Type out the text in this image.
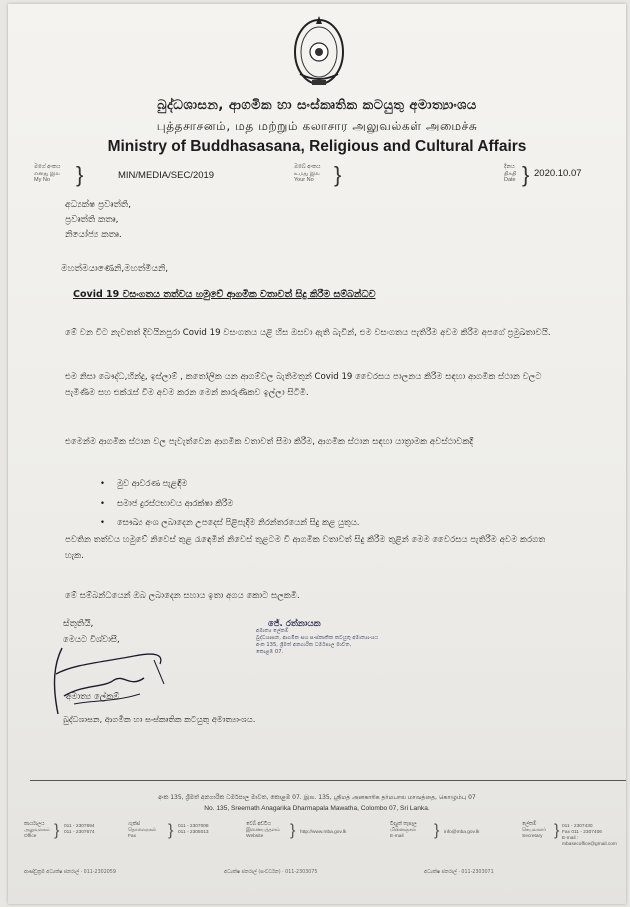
බුද්ධශාසන, ආගමික හා සංස්කෘතික කටයුතු අමාත්‍යාංශය
புத்தசாசனம், மத மற்றும் கலாசார அலுவல்கள் அமைச்சு
Ministry of Buddhasasana, Religious and Cultural Affairs
මගේ අංකය
எனது இல
My No	}	MIN/MEDIA/SEC/2019
ඔබේ අංකය
உமது இல
Your No }	දිනය
திகதி
Date } 2020.10.07
අධ්‍යක්ෂ ප්‍රවෘත්ති,
ප්‍රවෘත්ති කතෘ,
නියෝජ්‍ය කතෘ.
මහත්මයාණෙනි,මහත්මියනි,
Covid 19 වසංගතය තත්වය හමුවේ ආගමික වතාවත් සිදු කිරීම සම්බන්ධව
මේ වන විට නැවතත් දිවයිනපුරා Covid 19 වසංගතය යළි හිස ඔසවා ඇති බැවින්, එම වසංගතය පැතිරීම අවම කිරීම අපගේ ප්‍රමුඛතාවයි.
එම නිසා බෞද්ධ,හින්දු, ඉස්ලාම් , කතෝලික යන ආගම්වල බැතිමතුන් Covid 19 වෛරසය පාලනය කිරීම සඳහා ආගමික ස්ථාන වලට පැමිණීම සහ එක්රැස් වීම අවම කරන මෙන් කාරුණිකව ඉල්ලා සිටිමි.
එමෙන්ම ආගමික ස්ථාන වල පැවැත්වෙන ආගමික වතාවත් සීමා කිරීම, ආගමික ස්ථාන සඳහා යාත්‍රාමක අවස්ථාවකදී
• මුව ආවරණ පැළඳීම
• සමාජ දුරස්ථභාවය ආරක්ෂා කිරීම
• සෞඛ්‍ය අංශ ලබාදෙන උපදෙස් පිළිපැදීම නිරන්තරයෙන් සිදු කළ යුතුය.
පවතින තත්වය හමුවේ නිවෙස් තුළ රැඳෙමින් නිවෙස් තුළටම වී ආගමික වතාවත් සිදු කිරීම තුළින් මෙම වෛරසය පැතිරීම අවම කරගත හැක.
මේ සම්බන්ධයෙන් ඔබ ලබාදෙන සහාය ඉතා අගය කොට සලකමි.
ස්තුතියි,
මෙයට විශ්වාසී,
අමාත්‍ය ලේකම්
ජේ. රත්නායක
අමාත්‍ය ලේකම්
බුද්ධශාසන, ආගමික සහ සංස්කෘතික කටයුතු අමාත්‍යාංශය
අංක 135, ශ්‍රීමත් අනගාරික ධර්මපාල මාවත,
කොළඹ 07.
බුද්ධශාසන, ආගමික හා සංස්කෘතික කටයුතු අමාත්‍යාංශය.
අංක 135, ශ්‍රීමත් අනගාරික ධර්මපාල මාවත, කොළඹ 07. இல. 135, ஸ்ரீமத் அனகாரிக தர்மபால மாவத்தை, கொழும்பு 07
No. 135, Sreemath Anagarika Dharmapala Mawatha, Colombo 07, Sri Lanka.
කාර්යාලය
அலுவலகம்
Office	} 011 - 2307694
011 - 2307674
ෆැක්ස්
தொலைநகல்
Fax	} 011 - 2307008
011 - 2305013
වෙබ් අඩවිය
இணையத்தளம்
Website	} http://www.mba.gov.lk
විද්‍යුත් තැපෑල
மின்னஞ்சல்
E-mail	} info@mba.gov.lk
ලේකම්
செயலாளர்
Secretary } 011 - 2307430
Fax 011 - 2307406
E-mail : mbasecoffice@gmail.com
ආණ්ඩුක්‍රම අධ්‍යක්ෂ ජනරාල් · 011-2302059	අධ්‍යක්ෂ ජනරාල් (සංවර්ධන) · 011-2303075	අධ්‍යක්ෂ ජනරාල් · 011-2303071
